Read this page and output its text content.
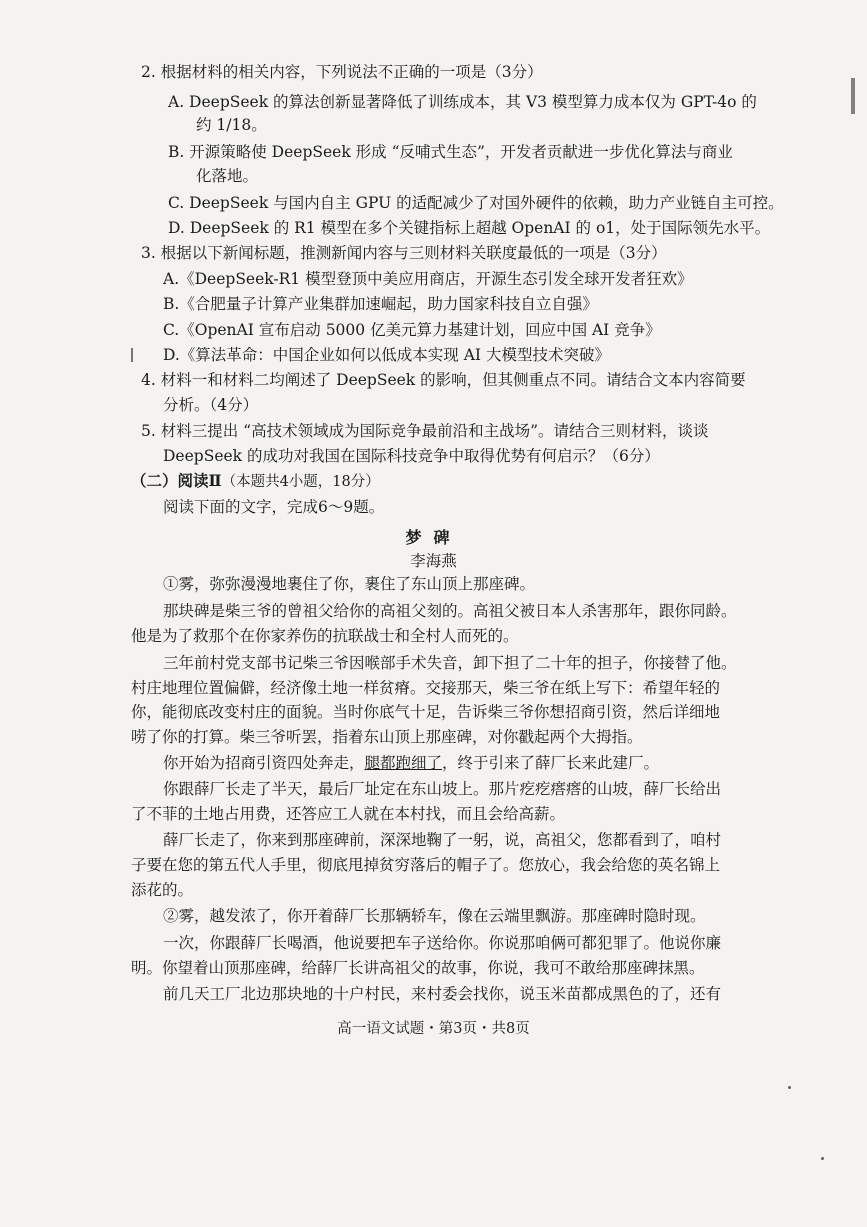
2. 根据材料的相关内容，下列说法不正确的一项是（3分）
A. DeepSeek 的算法创新显著降低了训练成本，其 V3 模型算力成本仅为 GPT-4o 的
约 1/18。
B. 开源策略使 DeepSeek 形成 “反哺式生态”，开发者贡献进一步优化算法与商业
化落地。
C. DeepSeek 与国内自主 GPU 的适配减少了对国外硬件的依赖，助力产业链自主可控。
D. DeepSeek 的 R1 模型在多个关键指标上超越 OpenAI 的 o1，处于国际领先水平。
3. 根据以下新闻标题，推测新闻内容与三则材料关联度最低的一项是（3分）
A.《DeepSeek-R1 模型登顶中美应用商店，开源生态引发全球开发者狂欢》
B.《合肥量子计算产业集群加速崛起，助力国家科技自立自强》
C.《OpenAI 宣布启动 5000 亿美元算力基建计划，回应中国 AI 竞争》
D.《算法革命：中国企业如何以低成本实现 AI 大模型技术突破》
4. 材料一和材料二均阐述了 DeepSeek 的影响，但其侧重点不同。请结合文本内容简要
分析。（4分）
5. 材料三提出 “高技术领域成为国际竞争最前沿和主战场”。请结合三则材料，谈谈
DeepSeek 的成功对我国在国际科技竞争中取得优势有何启示？（6分）
（二）阅读Ⅱ（本题共4小题，18分）
阅读下面的文字，完成6～9题。
梦碑
李海燕
①雾，弥弥漫漫地裹住了你，裹住了东山顶上那座碑。
那块碑是柴三爷的曾祖父给你的高祖父刻的。高祖父被日本人杀害那年，跟你同龄。
他是为了救那个在你家养伤的抗联战士和全村人而死的。
三年前村党支部书记柴三爷因喉部手术失音，卸下担了二十年的担子，你接替了他。
村庄地理位置偏僻，经济像土地一样贫瘠。交接那天，柴三爷在纸上写下：希望年轻的
你，能彻底改变村庄的面貌。当时你底气十足，告诉柴三爷你想招商引资，然后详细地
唠了你的打算。柴三爷听罢，指着东山顶上那座碑，对你戳起两个大拇指。
你开始为招商引资四处奔走，腿都跑细了，终于引来了薛厂长来此建厂。
你跟薛厂长走了半天，最后厂址定在东山坡上。那片疙疙瘩瘩的山坡，薛厂长给出
了不菲的土地占用费，还答应工人就在本村找，而且会给高薪。
薛厂长走了，你来到那座碑前，深深地鞠了一躬，说，高祖父，您都看到了，咱村
子要在您的第五代人手里，彻底甩掉贫穷落后的帽子了。您放心，我会给您的英名锦上
添花的。
②雾，越发浓了，你开着薛厂长那辆轿车，像在云端里飘游。那座碑时隐时现。
一次，你跟薛厂长喝酒，他说要把车子送给你。你说那咱俩可都犯罪了。他说你廉
明。你望着山顶那座碑，给薛厂长讲高祖父的故事，你说，我可不敢给那座碑抹黑。
前几天工厂北边那块地的十户村民，来村委会找你，说玉米苗都成黑色的了，还有
高一语文试题・第3页・共8页
